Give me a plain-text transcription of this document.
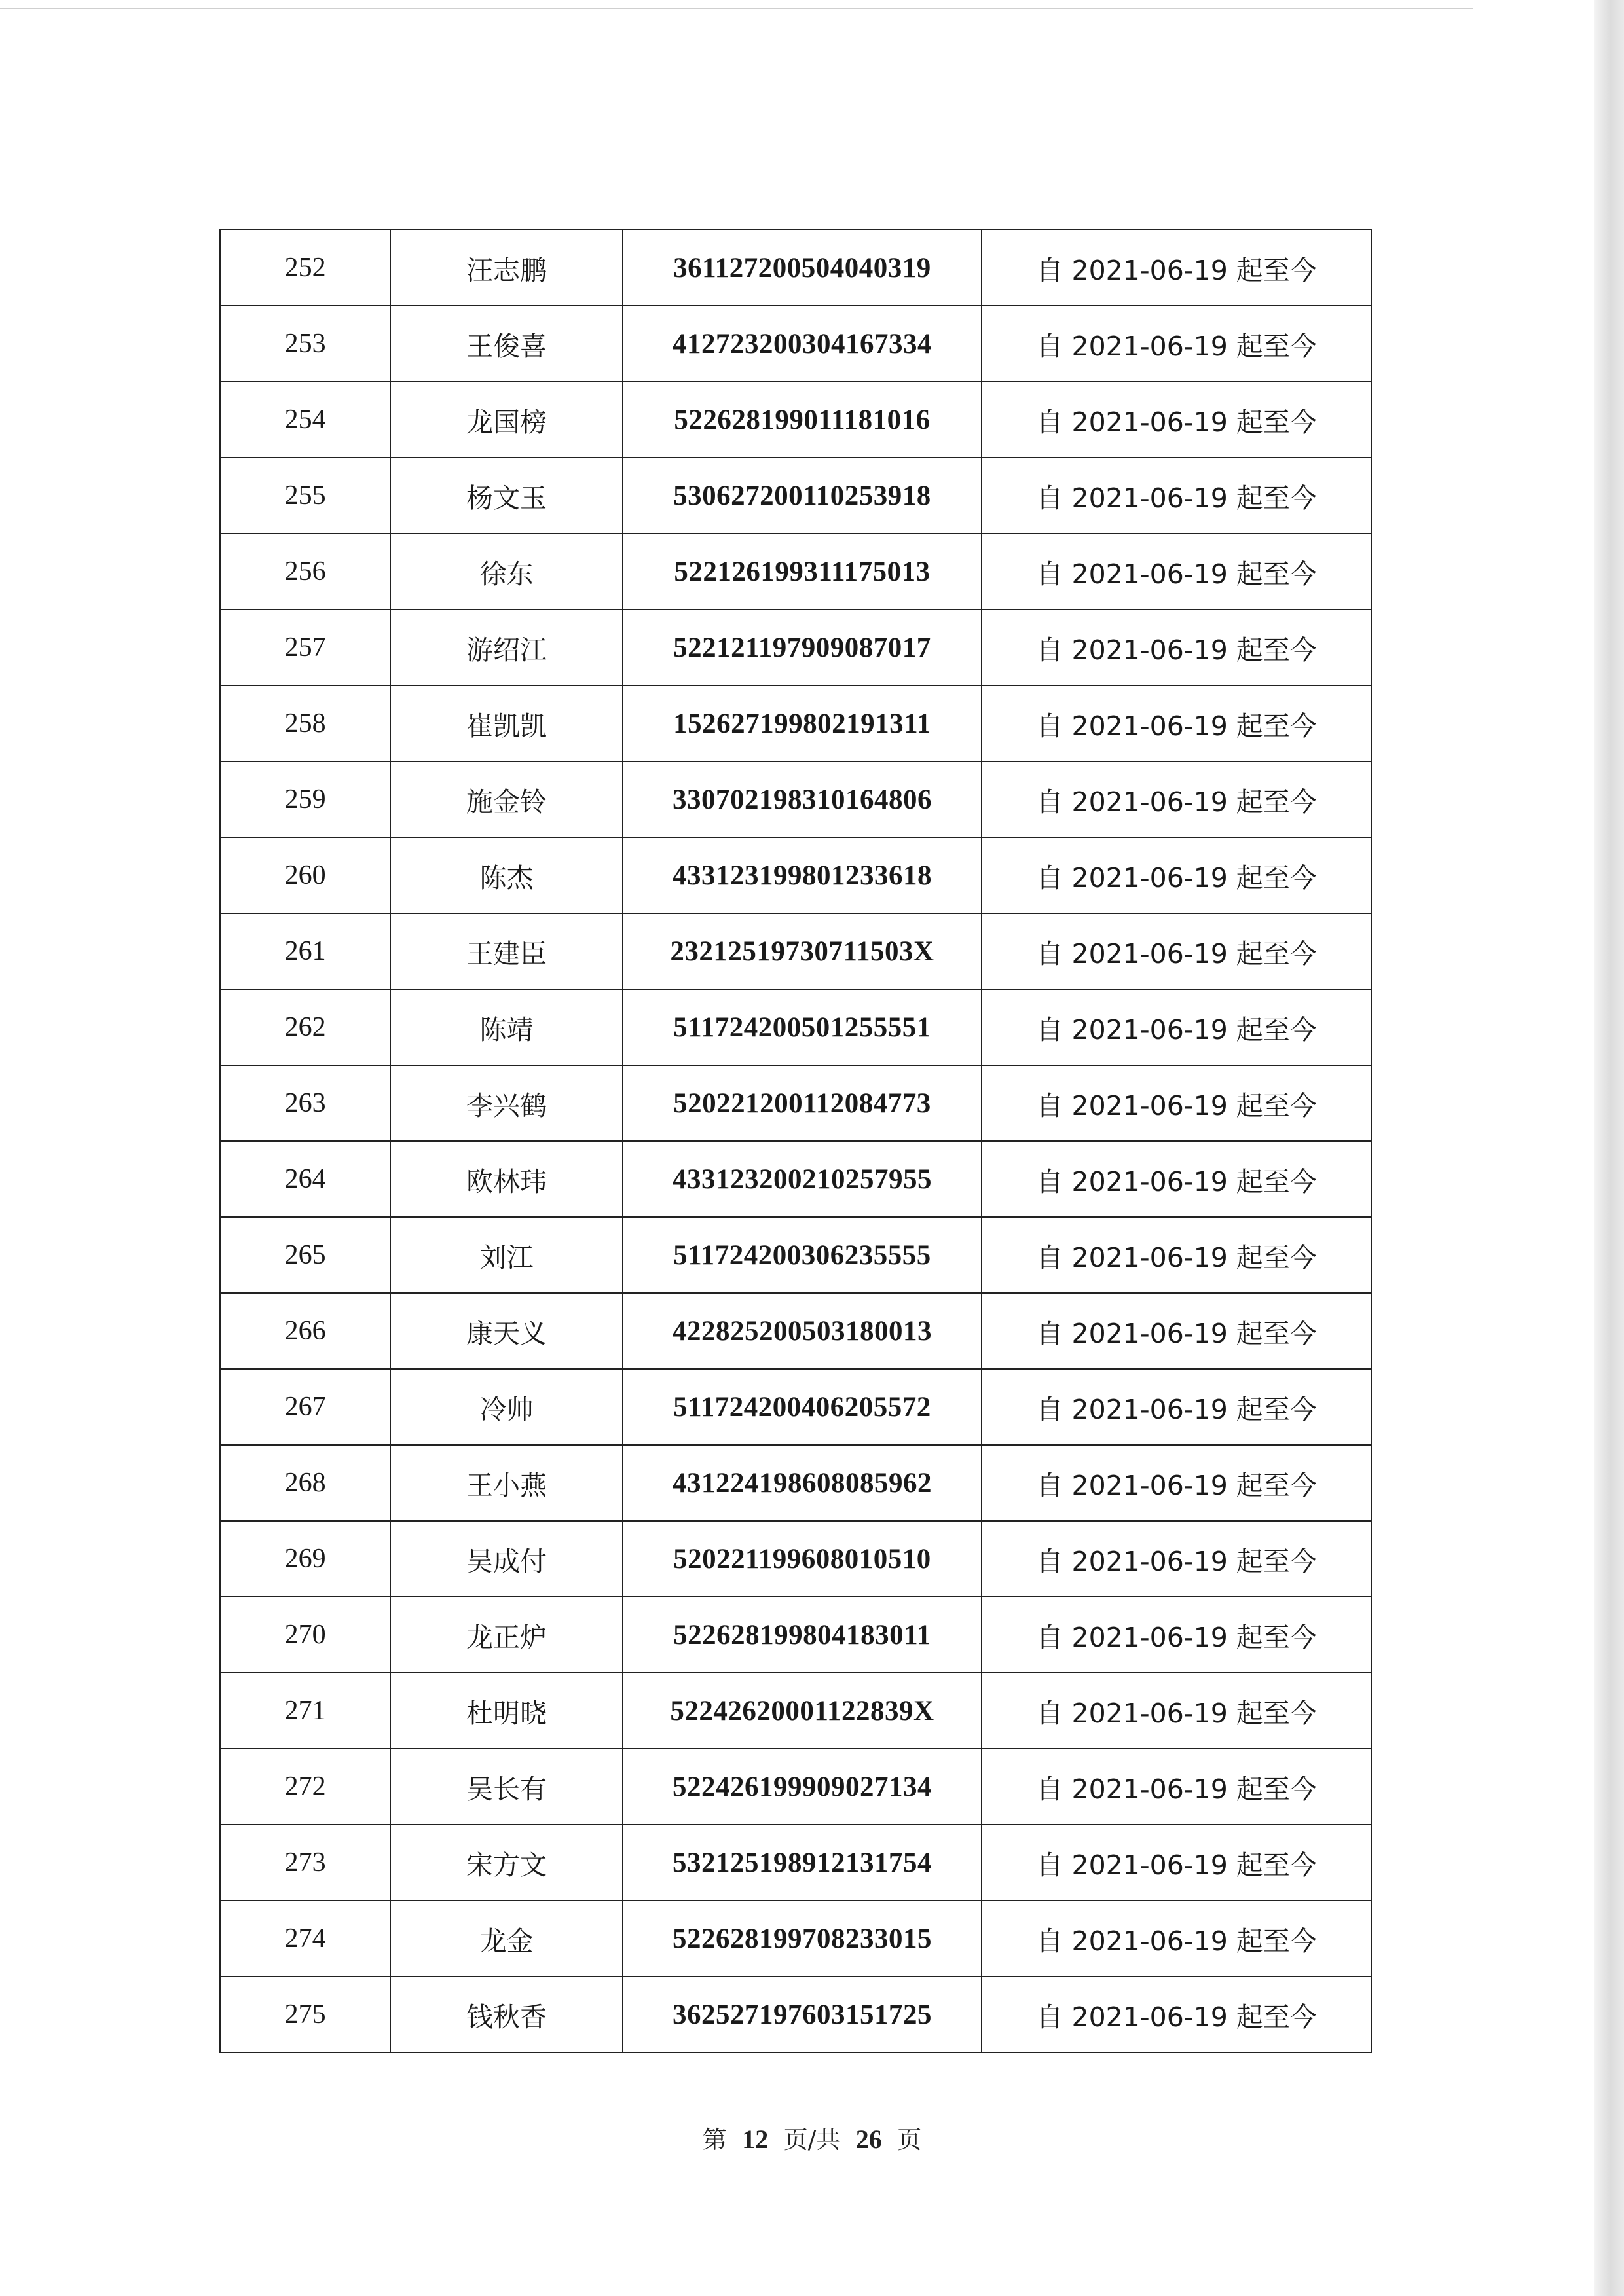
252	汪志鹏	361127200504040319	自 2021-06-19 起至今
253	王俊喜	412723200304167334	自 2021-06-19 起至今
254	龙国榜	522628199011181016	自 2021-06-19 起至今
255	杨文玉	530627200110253918	自 2021-06-19 起至今
256	徐东	522126199311175013	自 2021-06-19 起至今
257	游绍江	522121197909087017	自 2021-06-19 起至今
258	崔凯凯	152627199802191311	自 2021-06-19 起至今
259	施金铃	330702198310164806	自 2021-06-19 起至今
260	陈杰	433123199801233618	自 2021-06-19 起至今
261	王建臣	23212519730711503X	自 2021-06-19 起至今
262	陈靖	511724200501255551	自 2021-06-19 起至今
263	李兴鹤	520221200112084773	自 2021-06-19 起至今
264	欧林玮	433123200210257955	自 2021-06-19 起至今
265	刘江	511724200306235555	自 2021-06-19 起至今
266	康天义	422825200503180013	自 2021-06-19 起至今
267	冷帅	511724200406205572	自 2021-06-19 起至今
268	王小燕	431224198608085962	自 2021-06-19 起至今
269	吴成付	520221199608010510	自 2021-06-19 起至今
270	龙正炉	522628199804183011	自 2021-06-19 起至今
271	杜明晓	52242620001122839X	自 2021-06-19 起至今
272	吴长有	522426199909027134	自 2021-06-19 起至今
273	宋方文	532125198912131754	自 2021-06-19 起至今
274	龙金	522628199708233015	自 2021-06-19 起至今
275	钱秋香	362527197603151725	自 2021-06-19 起至今
第 12 页/共 26 页
